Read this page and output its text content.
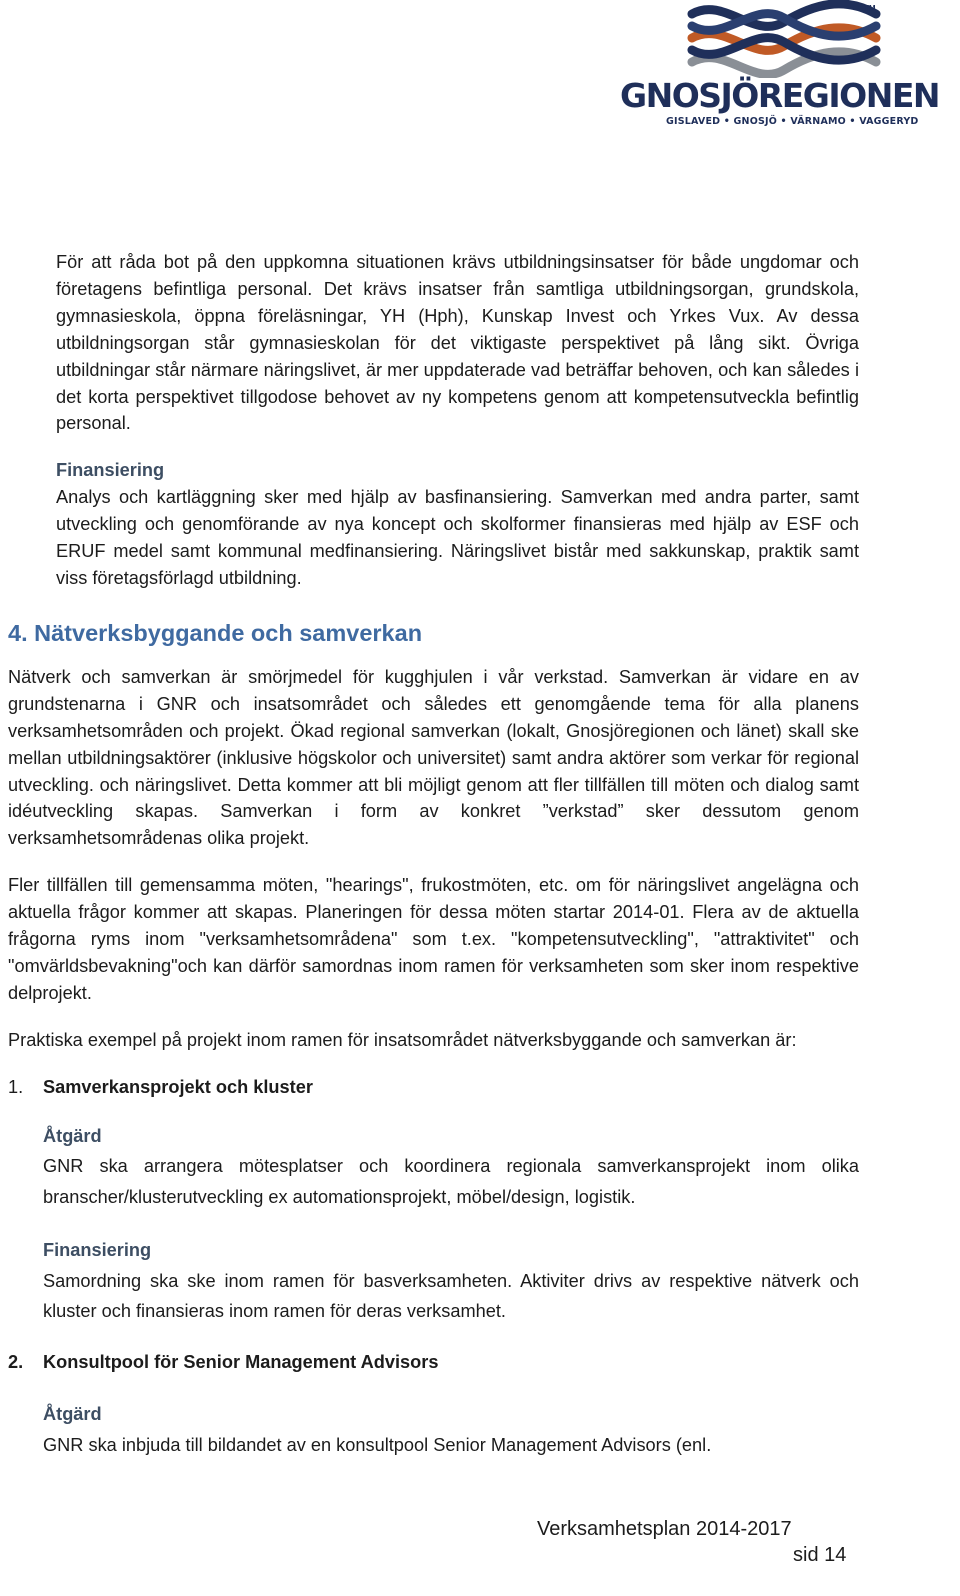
TM
GNOSJÖREGIONEN
GISLAVED • GNOSJÖ • VÄRNAMO • VAGGERYD

För att råda bot på den uppkomna situationen krävs utbildningsinsatser för både ungdomar och företagens befintliga personal. Det krävs insatser från samtliga utbildningsorgan, grundskola, gymnasieskola, öppna föreläsningar, YH (Hph), Kunskap Invest och Yrkes Vux. Av dessa utbildningsorgan står gymnasieskolan för det viktigaste perspektivet på lång sikt. Övriga utbildningar står närmare näringslivet, är mer uppdaterade vad beträffar behoven, och kan således i det korta perspektivet tillgodose behovet av ny kompetens genom att kompetensutveckla befintlig personal.

Finansiering

Analys och kartläggning sker med hjälp av basfinansiering. Samverkan med andra parter, samt utveckling och genomförande av nya koncept och skolformer finansieras med hjälp av ESF och ERUF medel samt kommunal medfinansiering. Näringslivet bistår med sakkunskap, praktik samt viss företagsförlagd utbildning.

4. Nätverksbyggande och samverkan

Nätverk och samverkan är smörjmedel för kugghjulen i vår verkstad. Samverkan är vidare en av grundstenarna i GNR och insatsområdet och således ett genomgående tema för alla planens verksamhetsområden och projekt. Ökad regional samverkan (lokalt, Gnosjöregionen och länet) skall ske mellan utbildningsaktörer (inklusive högskolor och universitet) samt andra aktörer som verkar för regional utveckling. och näringslivet. Detta kommer att bli möjligt genom att fler tillfällen till möten och dialog samt idéutveckling skapas. Samverkan i form av konkret ”verkstad” sker dessutom genom verksamhetsområdenas olika projekt.

Fler tillfällen till gemensamma möten, "hearings", frukostmöten, etc. om för näringslivet angelägna och aktuella frågor kommer att skapas. Planeringen för dessa möten startar 2014-01. Flera av de aktuella frågorna ryms inom "verksamhetsområdena" som t.ex. "kompetensutveckling", "attraktivitet" och "omvärldsbevakning"och kan därför samordnas inom ramen för verksamheten som sker inom respektive delprojekt.

Praktiska exempel på projekt inom ramen för insatsområdet nätverksbyggande och samverkan är:

1. Samverkansprojekt och kluster

Åtgärd

GNR ska arrangera mötesplatser och koordinera regionala samverkansprojekt inom olika branscher/klusterutveckling ex automationsprojekt, möbel/design, logistik.

Finansiering

Samordning ska ske inom ramen för basverksamheten. Aktiviter drivs av respektive nätverk och kluster och finansieras inom ramen för deras verksamhet.

2. Konsultpool för Senior Management Advisors

Åtgärd

GNR ska inbjuda till bildandet av en konsultpool Senior Management Advisors (enl.

Verksamhetsplan 2014-2017
sid 14
